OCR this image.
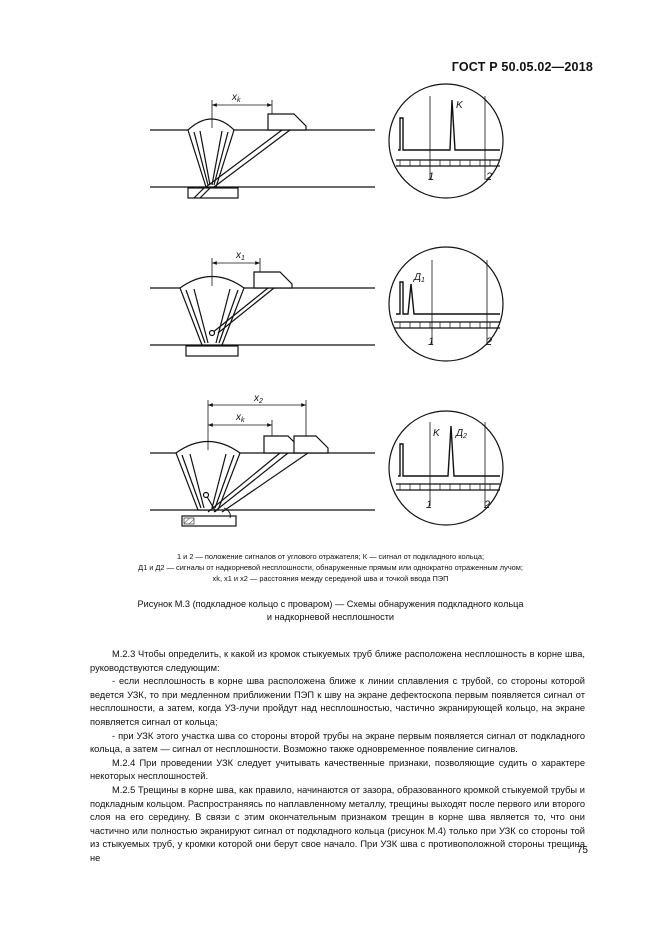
ГОСТ Р 50.05.02—2018
$x_k$	K
1	2
$x_1$
$Д_1$
1	2
$x_2$
$x_k$
K $Д_2$
1	2
1 и 2 — положение сигналов от углового отражателя; К — сигнал от подкладного кольца;
Д1 и Д2 — сигналы от надкорневой несплошности, обнаруженные прямым или однократно отраженным лучом;
xk, x1 и x2 — расстояния между серединой шва и точкой ввода ПЭП
Рисунок М.3 (подкладное кольцо с проваром) — Схемы обнаружения подкладного кольца
и надкорневой несплошности

М.2.3 Чтобы определить, к какой из кромок стыкуемых труб ближе расположена несплошность в корне шва, руководствуются следующим:

- если несплошность в корне шва расположена ближе к линии сплавления с трубой, со стороны которой ведется УЗК, то при медленном приближении ПЭП к шву на экране дефектоскопа первым появляется сигнал от несплошности, а затем, когда УЗ-лучи пройдут над несплошностью, частично экранирующей кольцо, на экране появляется сигнал от кольца;

- при УЗК этого участка шва со стороны второй трубы на экране первым появляется сигнал от подкладного кольца, а затем — сигнал от несплошности. Возможно также одновременное появление сигналов.

М.2.4 При проведении УЗК следует учитывать качественные признаки, позволяющие судить о характере некоторых несплошностей.

М.2.5 Трещины в корне шва, как правило, начинаются от зазора, образованного кромкой стыкуемой трубы и подкладным кольцом. Распространяясь по наплавленному металлу, трещины выходят после первого или второго слоя на его середину. В связи с этим окончательным признаком трещин в корне шва является то, что они частично или полностью экранируют сигнал от подкладного кольца (рисунок М.4) только при УЗК со стороны той из стыкуемых труб, у кромки которой они берут свое начало. При УЗК шва с противоположной стороны трещина не

75
